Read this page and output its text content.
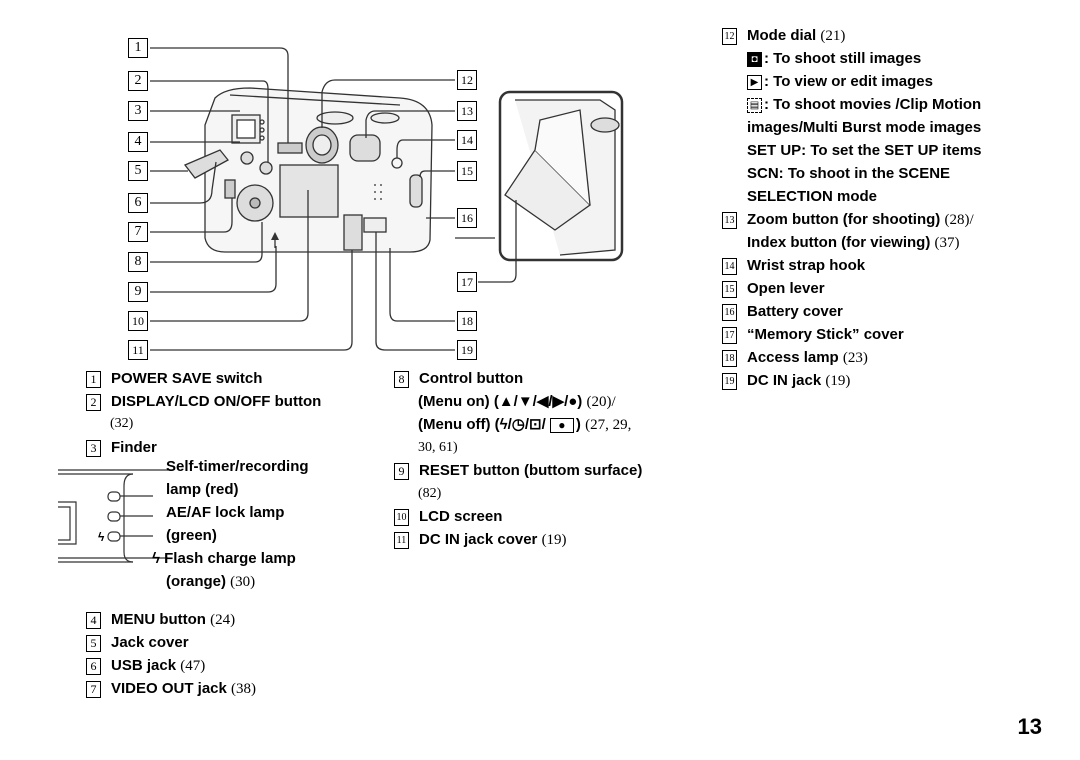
1
2
3
4
5
6
7
8
9
10
11
12
13
14
15
16
17
18
19
1 POWER SAVE switch
2 DISPLAY/LCD ON/OFF button
(32)
3 Finder
ϟ
Self-timer/recording
lamp (red)
AE/AF lock lamp
(green)
ϟ Flash charge lamp
(orange) (30)
4 MENU button (24)
5 Jack cover
6 USB jack (47)
7 VIDEO OUT jack (38)
8 Control button
(Menu on) (▲/▼/◀/▶/●) (20)/
(Menu off) (ϟ/◷/⊡/ ● ) (27, 29,
30, 61)
9 RESET button (buttom surface)
(82)
10 LCD screen
11 DC IN jack cover (19)
12 Mode dial (21)
◘ : To shoot still images
▶ : To view or edit images
▤ : To shoot movies /Clip Motion
images/Multi Burst mode images
SET UP: To set the SET UP items
SCN: To shoot in the SCENE
SELECTION mode
13 Zoom button (for shooting) (28)/
Index button (for viewing) (37)
14 Wrist strap hook
15 Open lever
16 Battery cover
17 “Memory Stick” cover
18 Access lamp (23)
19 DC IN jack (19)
13
